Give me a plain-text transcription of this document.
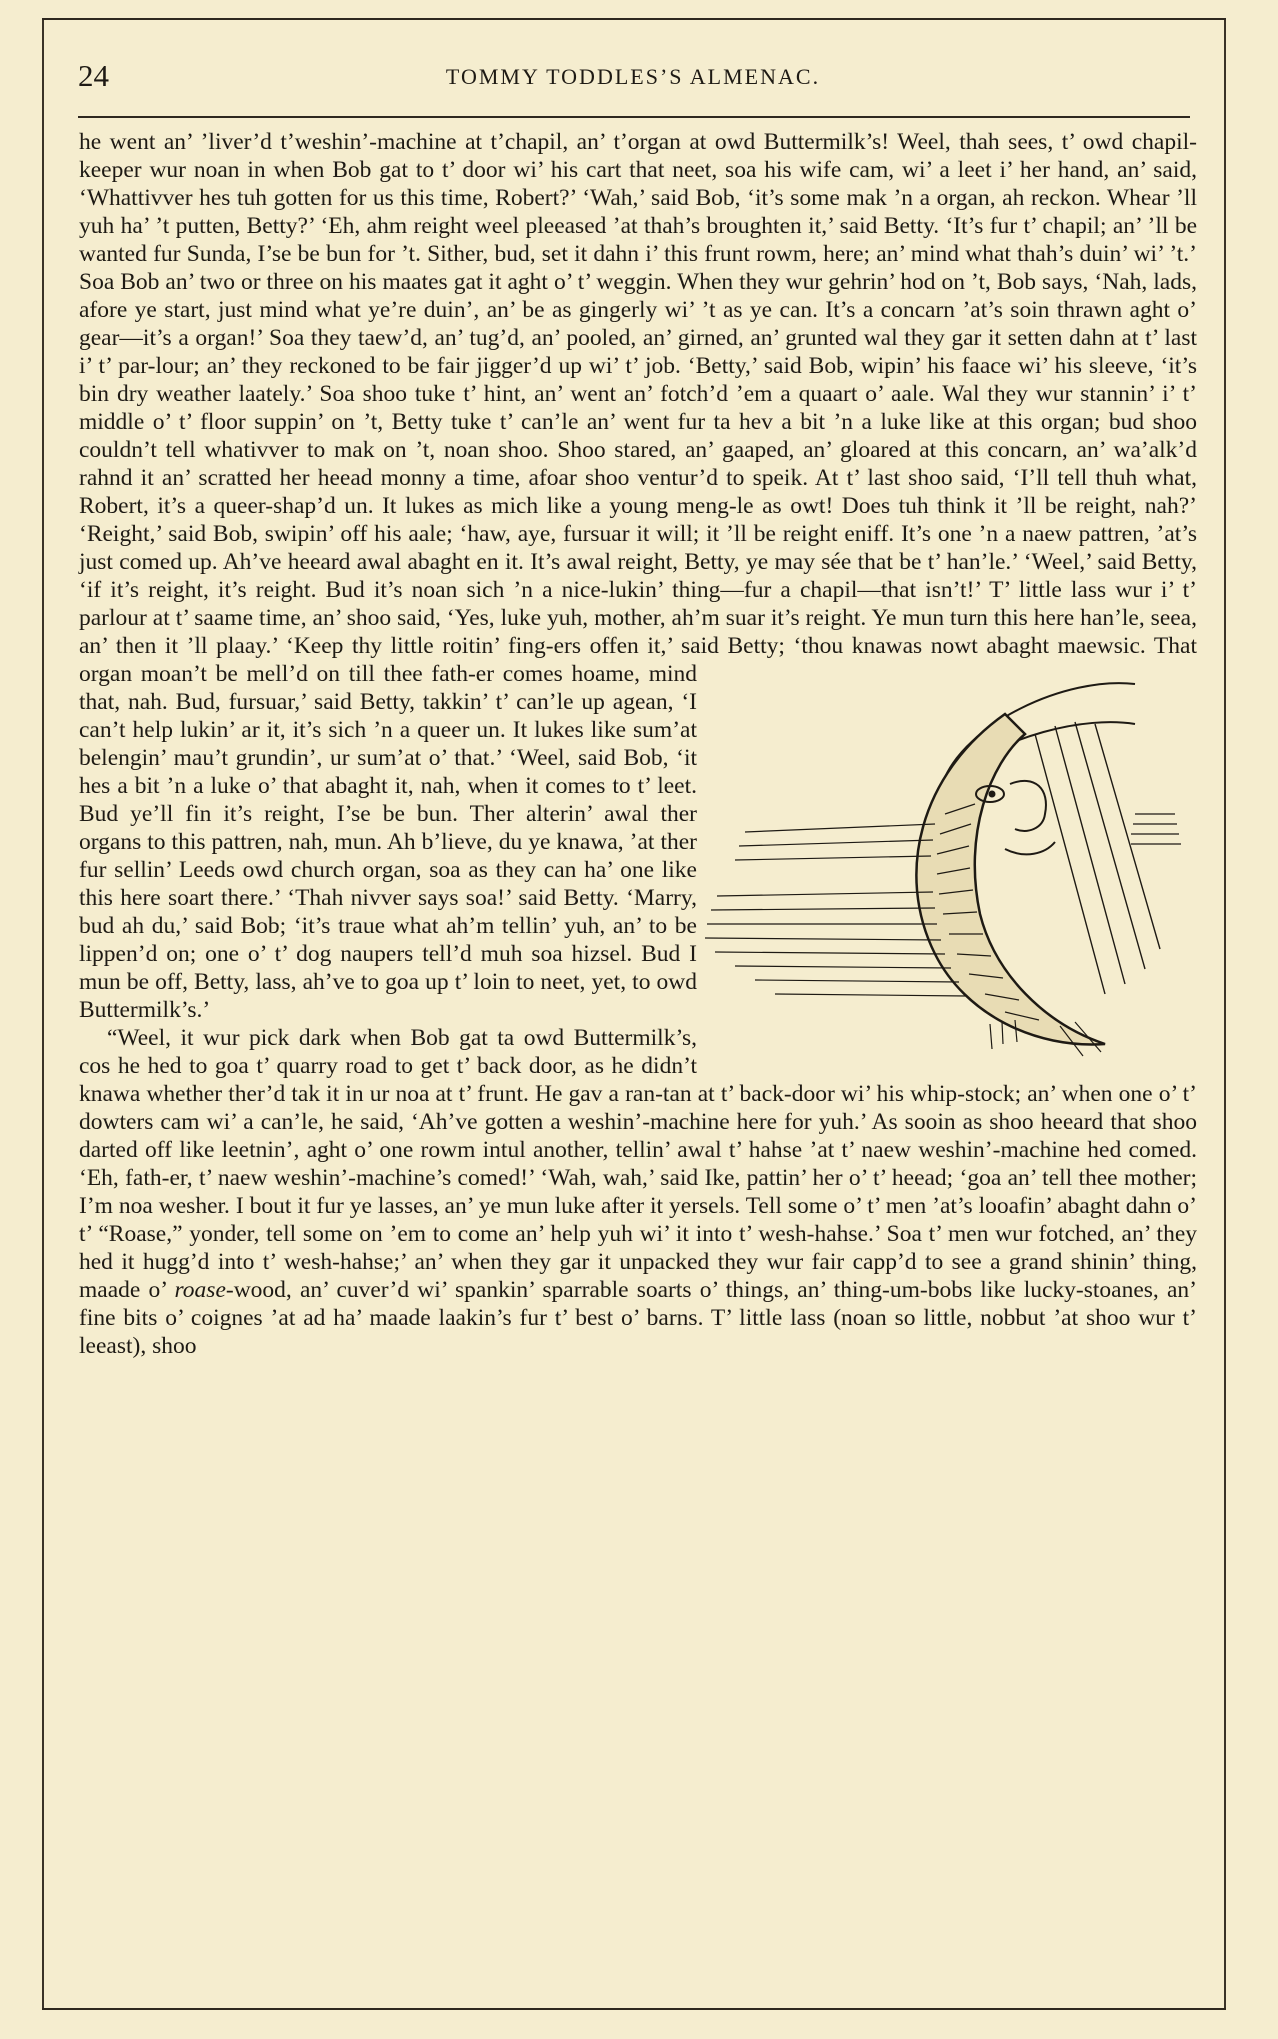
24	TOMMY TODDLES’S ALMENAC.

he went an’ ’liver’d t’weshin’-machine at t’chapil, an’ t’organ at owd Buttermilk’s! Weel, thah sees, t’ owd chapil-keeper wur noan in when Bob gat to t’ door wi’ his cart that neet, soa his wife cam, wi’ a leet i’ her hand, an’ said, ‘Whattivver hes tuh gotten for us this time, Robert?’ ‘Wah,’ said Bob, ‘it’s some mak ’n a organ, ah reckon. Whear ’ll yuh ha’ ’t putten, Betty?’ ‘Eh, ahm reight weel pleeased ’at thah’s broughten it,’ said Betty. ‘It’s fur t’ chapil; an’ ’ll be wanted fur Sunda, I’se be bun for ’t. Sither, bud, set it dahn i’ this frunt rowm, here; an’ mind what thah’s duin’ wi’ ’t.’ Soa Bob an’ two or three on his maates gat it aght o’ t’ weggin. When they wur gehrin’ hod on ’t, Bob says, ‘Nah, lads, afore ye start, just mind what ye’re duin’, an’ be as gingerly wi’ ’t as ye can. It’s a concarn ’at’s soin thrawn aght o’ gear—it’s a organ!’ Soa they taew’d, an’ tug’d, an’ pooled, an’ girned, an’ grunted wal they gar it setten dahn at t’ last i’ t’ par-lour; an’ they reckoned to be fair jigger’d up wi’ t’ job. ‘Betty,’ said Bob, wipin’ his faace wi’ his sleeve, ‘it’s bin dry weather laately.’ Soa shoo tuke t’ hint, an’ went an’ fotch’d ’em a quaart o’ aale. Wal they wur stannin’ i’ t’ middle o’ t’ floor suppin’ on ’t, Betty tuke t’ can’le an’ went fur ta hev a bit ’n a luke like at this organ; bud shoo couldn’t tell whativver to mak on ’t, noan shoo. Shoo stared, an’ gaaped, an’ gloared at this concarn, an’ wa’alk’d rahnd it an’ scratted her heead monny a time, afoar shoo ventur’d to speik. At t’ last shoo said, ‘I’ll tell thuh what, Robert, it’s a queer-shap’d un. It lukes as mich like a young meng-le as owt! Does tuh think it ’ll be reight, nah?’ ‘Reight,’ said Bob, swipin’ off his aale; ‘haw, aye, fursuar it will; it ’ll be reight eniff. It’s one ’n a naew pattren, ’at’s just comed up. Ah’ve heeard awal abaght en it. It’s awal reight, Betty, ye may sée that be t’ han’le.’ ‘Weel,’ said Betty, ‘if it’s reight, it’s reight. Bud it’s noan sich ’n a nice-lukin’ thing—fur a chapil—that isn’t!’ T’ little lass wur i’ t’ parlour at t’ saame time, an’ shoo said, ‘Yes, luke yuh, mother, ah’m suar it’s reight. Ye mun turn this here han’le, seea, an’ then it ’ll plaay.’ ‘Keep thy little roitin’ fing-ers offen it,’ said Betty; ‘thou knawas nowt abaght maewsic. That organ moan’t be mell’d on till thee fath-er comes hoame, mind that, nah. Bud, fursuar,’ said Betty, takkin’ t’ can’le up agean, ‘I can’t help lukin’ ar it, it’s sich ’n a queer un. It lukes like sum’at belengin’ mau’t grundin’, ur sum’at o’ that.’ ‘Weel, said Bob, ‘it hes a bit ’n a luke o’ that abaght it, nah, when it comes to t’ leet. Bud ye’ll fin it’s reight, I’se be bun. Ther alterin’ awal ther organs to this pattren, nah, mun. Ah b’lieve, du ye knawa, ’at ther fur sellin’ Leeds owd church organ, soa as they can ha’ one like this here soart there.’ ‘Thah nivver says soa!’ said Betty. ‘Marry, bud ah du,’ said Bob; ‘it’s traue what ah’m tellin’ yuh, an’ to be lippen’d on; one o’ t’ dog naupers tell’d muh soa hizsel. Bud I mun be off, Betty, lass, ah’ve to goa up t’ loin to neet, yet, to owd Buttermilk’s.’

“Weel, it wur pick dark when Bob gat ta owd Buttermilk’s, cos he hed to goa t’ quarry road to get t’ back door, as he didn’t knawa whether ther’d tak it in ur noa at t’ frunt. He gav a ran-tan at t’ back-door wi’ his whip-stock; an’ when one o’ t’ dowters cam wi’ a can’le, he said, ‘Ah’ve gotten a weshin’-machine here for yuh.’ As sooin as shoo heeard that shoo darted off like leetnin’, aght o’ one rowm intul another, tellin’ awal t’ hahse ’at t’ naew weshin’-machine hed comed. ‘Eh, fath-er, t’ naew weshin’-machine’s comed!’ ‘Wah, wah,’ said Ike, pattin’ her o’ t’ heead; ‘goa an’ tell thee mother; I’m noa wesher. I bout it fur ye lasses, an’ ye mun luke after it yersels. Tell some o’ t’ men ’at’s looafin’ abaght dahn o’ t’ “Roase,” yonder, tell some on ’em to come an’ help yuh wi’ it into t’ wesh-hahse.’ Soa t’ men wur fotched, an’ they hed it hugg’d into t’ wesh-hahse;’ an’ when they gar it unpacked they wur fair capp’d to see a grand shinin’ thing, maade o’ roase-wood, an’ cuver’d wi’ spankin’ sparrable soarts o’ things, an’ thing-um-bobs like lucky-stoanes, an’ fine bits o’ coignes ’at ad ha’ maade laakin’s fur t’ best o’ barns. T’ little lass (noan so little, nobbut ’at shoo wur t’ leeast), shoo
